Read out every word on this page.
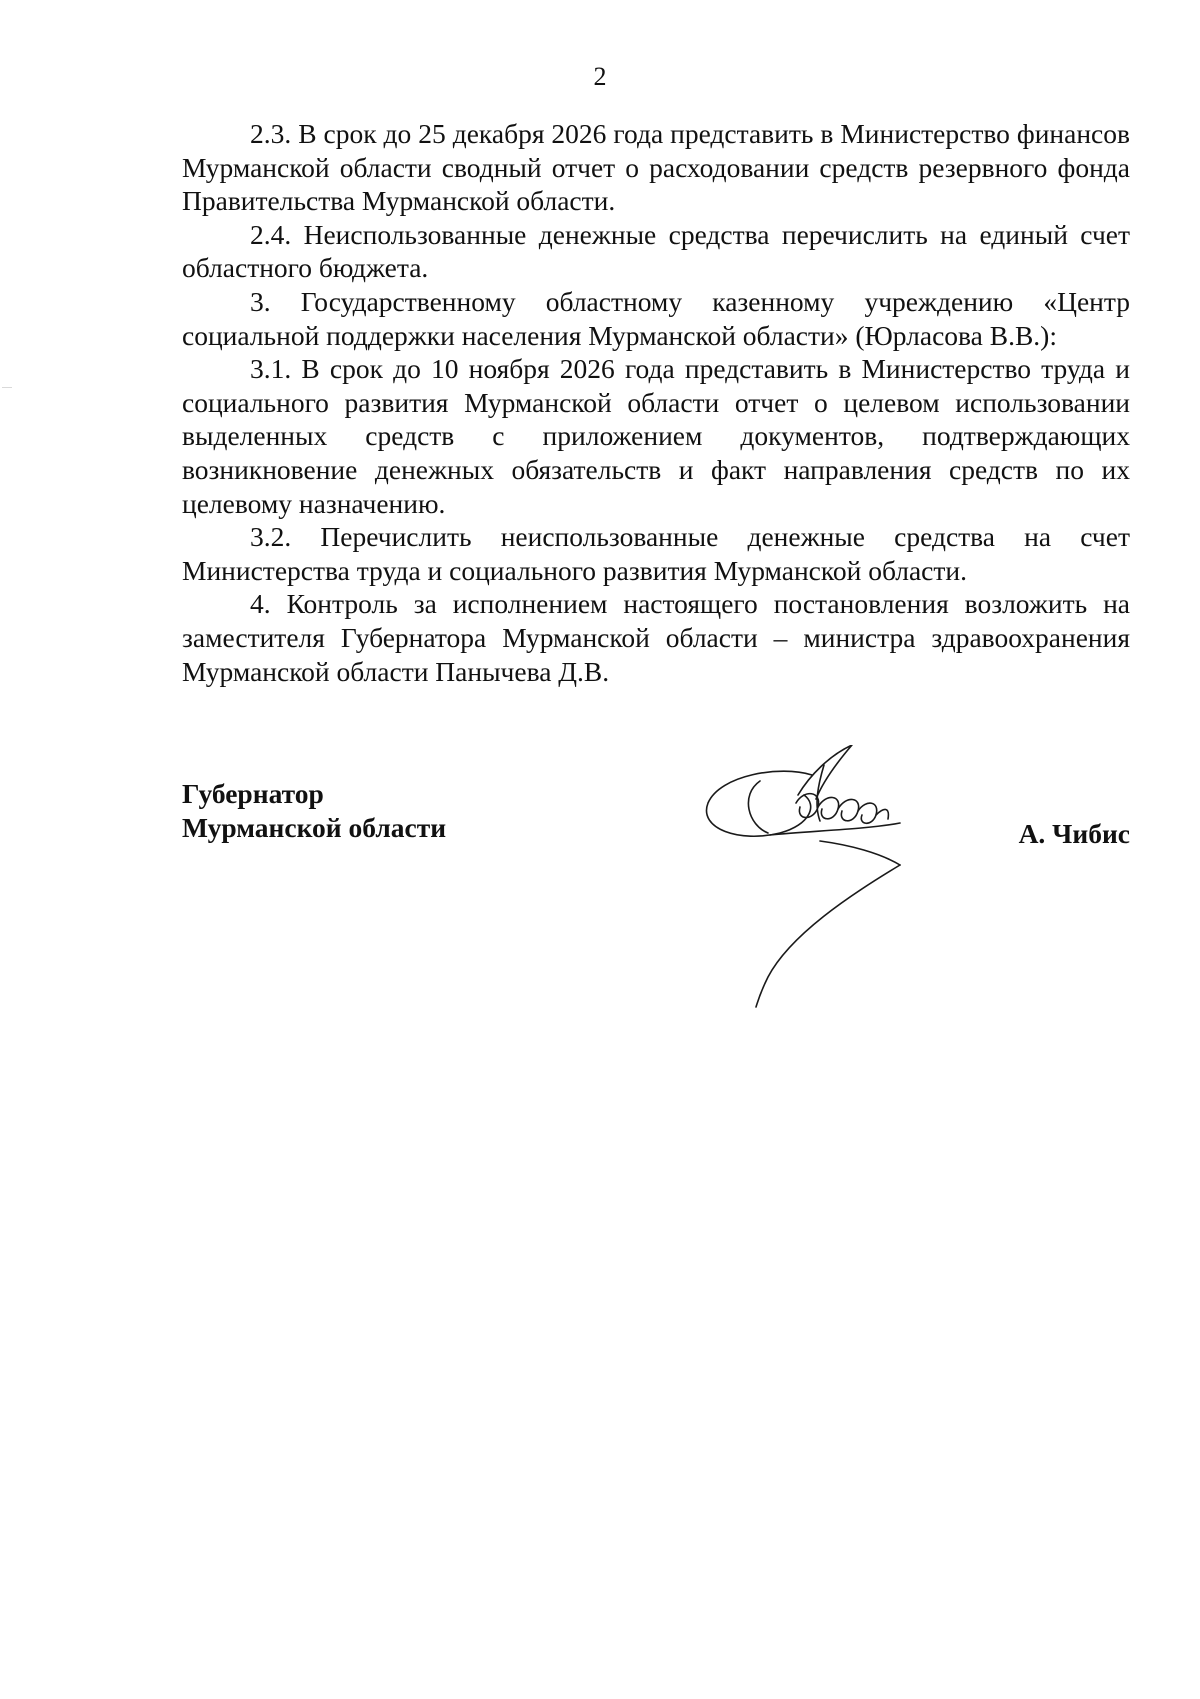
2

2.3. В срок до 25 декабря 2026 года представить в Министерство финансов Мурманской области сводный отчет о расходовании средств резервного фонда Правительства Мурманской области.

2.4. Неиспользованные денежные средства перечислить на единый счет областного бюджета.

3. Государственному областному казенному учреждению «Центр социальной поддержки населения Мурманской области» (Юрласова В.В.):

3.1. В срок до 10 ноября 2026 года представить в Министерство труда и социального развития Мурманской области отчет о целевом использовании выделенных средств с приложением документов, подтверждающих возникновение денежных обязательств и факт направления средств по их целевому назначению.

3.2. Перечислить неиспользованные денежные средства на счет Министерства труда и социального развития Мурманской области.

4. Контроль за исполнением настоящего постановления возложить на заместителя Губернатора Мурманской области – министра здравоохранения Мурманской области Панычева Д.В.

Губернатор
Мурманской области	А. Чибис
